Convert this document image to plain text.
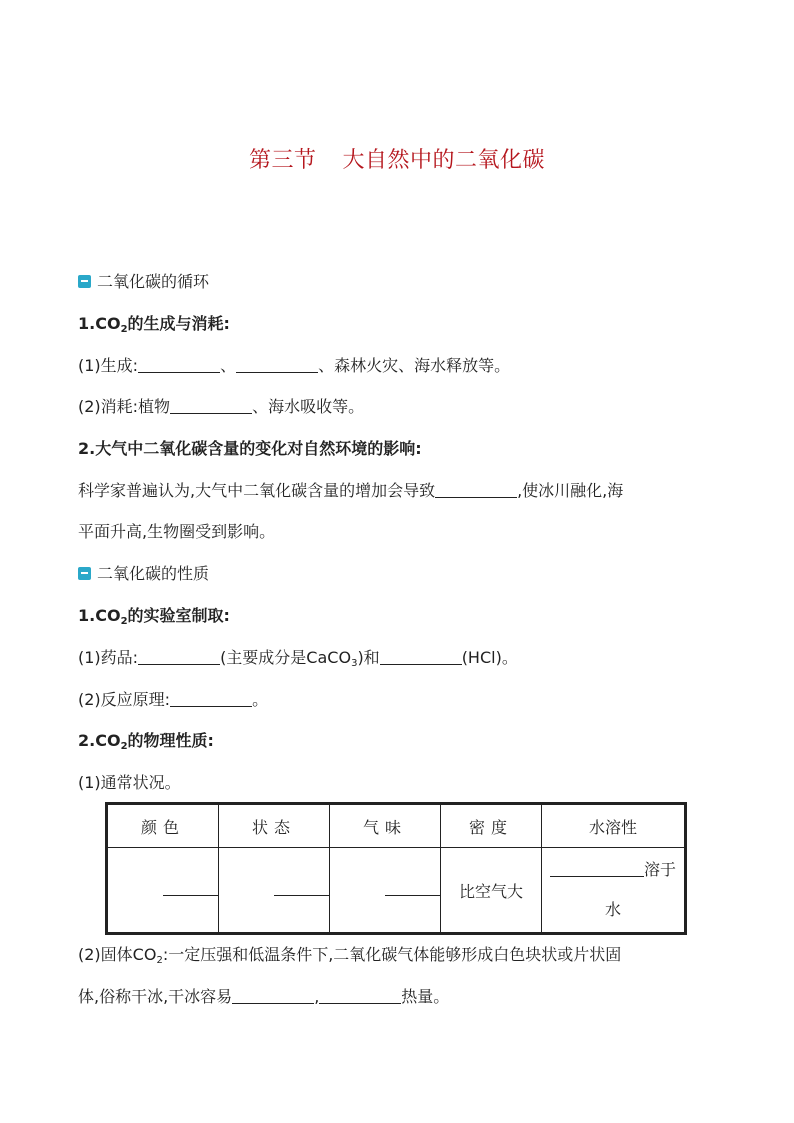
第三节 大自然中的二氧化碳
二氧化碳的循环
$1.CO_2$的生成与消耗:
(1)生成:	、	、森林火灾、海水释放等。
(2)消耗:植物	、海水吸收等。
2.大气中二氧化碳含量的变化对自然环境的影响:
科学家普遍认为,大气中二氧化碳含量的增加会导致	,使冰川融化,海
平面升高,生物圈受到影响。
二氧化碳的性质
$1.CO_2$的实验室制取:
(1)药品:	(主要成分是CaCO$_3$)和	(HCl)。
(2)反应原理:	。
$2.CO_2$的物理性质:
(1)通常状况。
颜色	状态	气味	密度	水溶性
			比空气大	溶于
水
(2)固体$CO_2$:一定压强和低温条件下,二氧化碳气体能够形成白色块状或片状固
体,俗称干冰,干冰容易	,	热量。
